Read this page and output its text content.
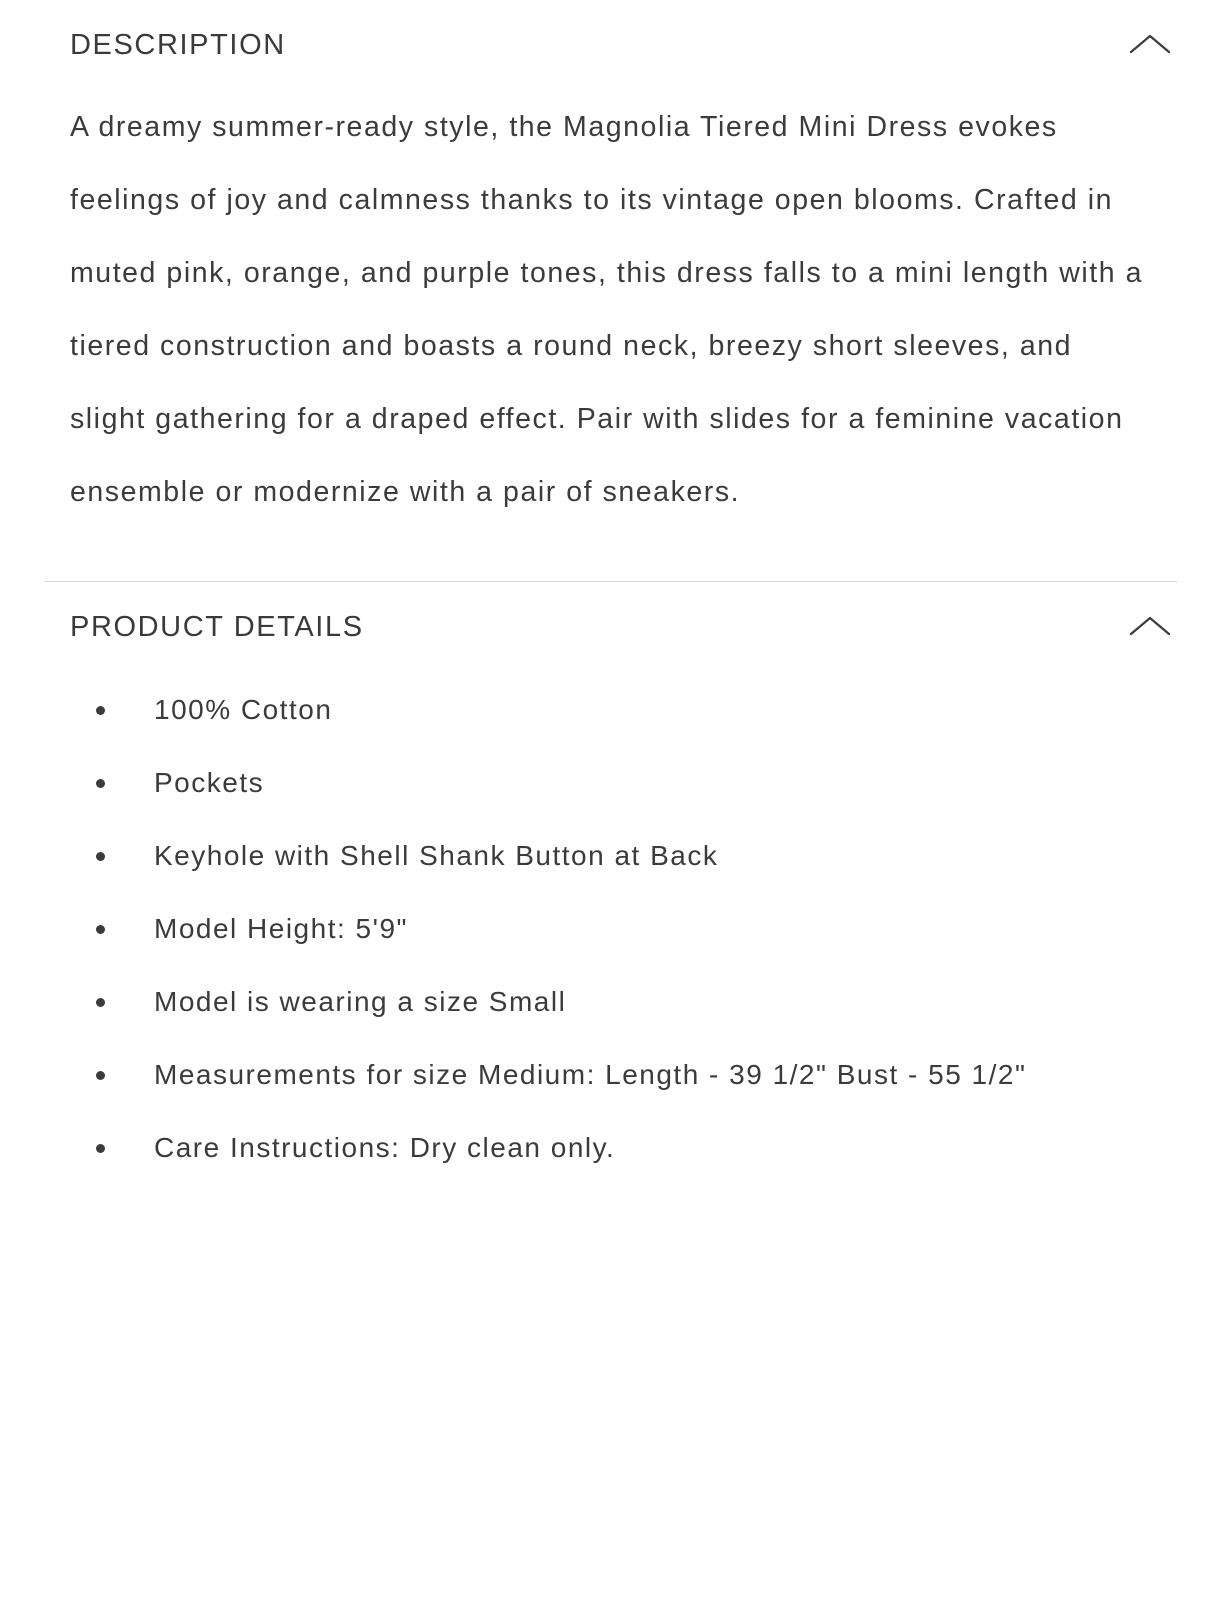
DESCRIPTION

A dreamy summer-ready style, the Magnolia Tiered Mini Dress evokes feelings of joy and calmness thanks to its vintage open blooms. Crafted in muted pink, orange, and purple tones, this dress falls to a mini length with a tiered construction and boasts a round neck, breezy short sleeves, and slight gathering for a draped effect. Pair with slides for a feminine vacation ensemble or modernize with a pair of sneakers.

PRODUCT DETAILS
100% Cotton
Pockets
Keyhole with Shell Shank Button at Back
Model Height: 5'9"
Model is wearing a size Small
Measurements for size Medium: Length - 39 1/2" Bust - 55 1/2"
Care Instructions: Dry clean only.
